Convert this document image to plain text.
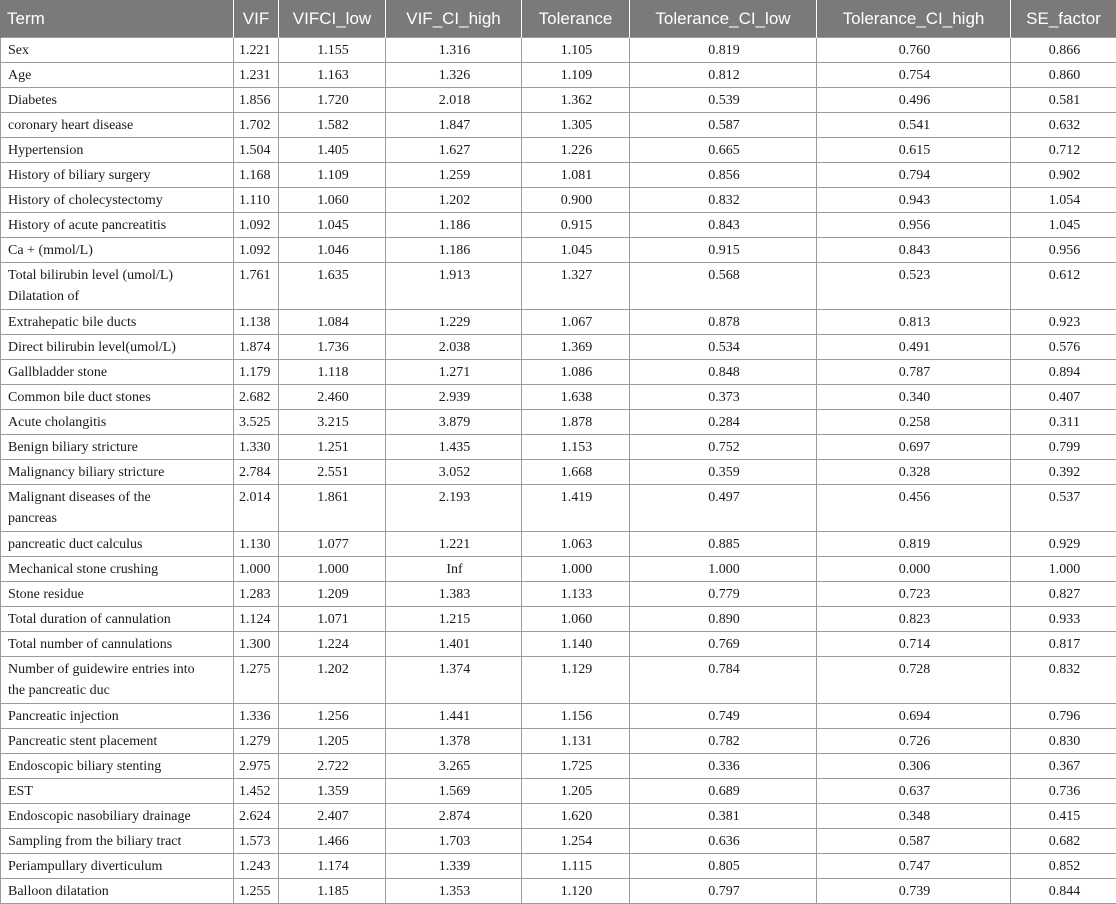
Term	VIF	VIFCI_low	VIF_CI_high	Tolerance	Tolerance_CI_low	Tolerance_CI_high	SE_factor
Sex	1.221	1.155	1.316	1.105	0.819	0.760	0.866
Age	1.231	1.163	1.326	1.109	0.812	0.754	0.860
Diabetes	1.856	1.720	2.018	1.362	0.539	0.496	0.581
coronary heart disease	1.702	1.582	1.847	1.305	0.587	0.541	0.632
Hypertension	1.504	1.405	1.627	1.226	0.665	0.615	0.712
History of biliary surgery	1.168	1.109	1.259	1.081	0.856	0.794	0.902
History of cholecystectomy	1.110	1.060	1.202	0.900	0.832	0.943	1.054
History of acute pancreatitis	1.092	1.045	1.186	0.915	0.843	0.956	1.045
Ca + (mmol/L)	1.092	1.046	1.186	1.045	0.915	0.843	0.956
Total bilirubin level (umol/L)
Dilatation of	1.761	1.635	1.913	1.327	0.568	0.523	0.612
Extrahepatic bile ducts	1.138	1.084	1.229	1.067	0.878	0.813	0.923
Direct bilirubin level(umol/L)	1.874	1.736	2.038	1.369	0.534	0.491	0.576
Gallbladder stone	1.179	1.118	1.271	1.086	0.848	0.787	0.894
Common bile duct stones	2.682	2.460	2.939	1.638	0.373	0.340	0.407
Acute cholangitis	3.525	3.215	3.879	1.878	0.284	0.258	0.311
Benign biliary stricture	1.330	1.251	1.435	1.153	0.752	0.697	0.799
Malignancy biliary stricture	2.784	2.551	3.052	1.668	0.359	0.328	0.392
Malignant diseases of the
pancreas	2.014	1.861	2.193	1.419	0.497	0.456	0.537
pancreatic duct calculus	1.130	1.077	1.221	1.063	0.885	0.819	0.929
Mechanical stone crushing	1.000	1.000	Inf	1.000	1.000	0.000	1.000
Stone residue	1.283	1.209	1.383	1.133	0.779	0.723	0.827
Total duration of cannulation	1.124	1.071	1.215	1.060	0.890	0.823	0.933
Total number of cannulations	1.300	1.224	1.401	1.140	0.769	0.714	0.817
Number of guidewire entries into
the pancreatic duc	1.275	1.202	1.374	1.129	0.784	0.728	0.832
Pancreatic injection	1.336	1.256	1.441	1.156	0.749	0.694	0.796
Pancreatic stent placement	1.279	1.205	1.378	1.131	0.782	0.726	0.830
Endoscopic biliary stenting	2.975	2.722	3.265	1.725	0.336	0.306	0.367
EST	1.452	1.359	1.569	1.205	0.689	0.637	0.736
Endoscopic nasobiliary drainage	2.624	2.407	2.874	1.620	0.381	0.348	0.415
Sampling from the biliary tract	1.573	1.466	1.703	1.254	0.636	0.587	0.682
Periampullary diverticulum	1.243	1.174	1.339	1.115	0.805	0.747	0.852
Balloon dilatation	1.255	1.185	1.353	1.120	0.797	0.739	0.844
